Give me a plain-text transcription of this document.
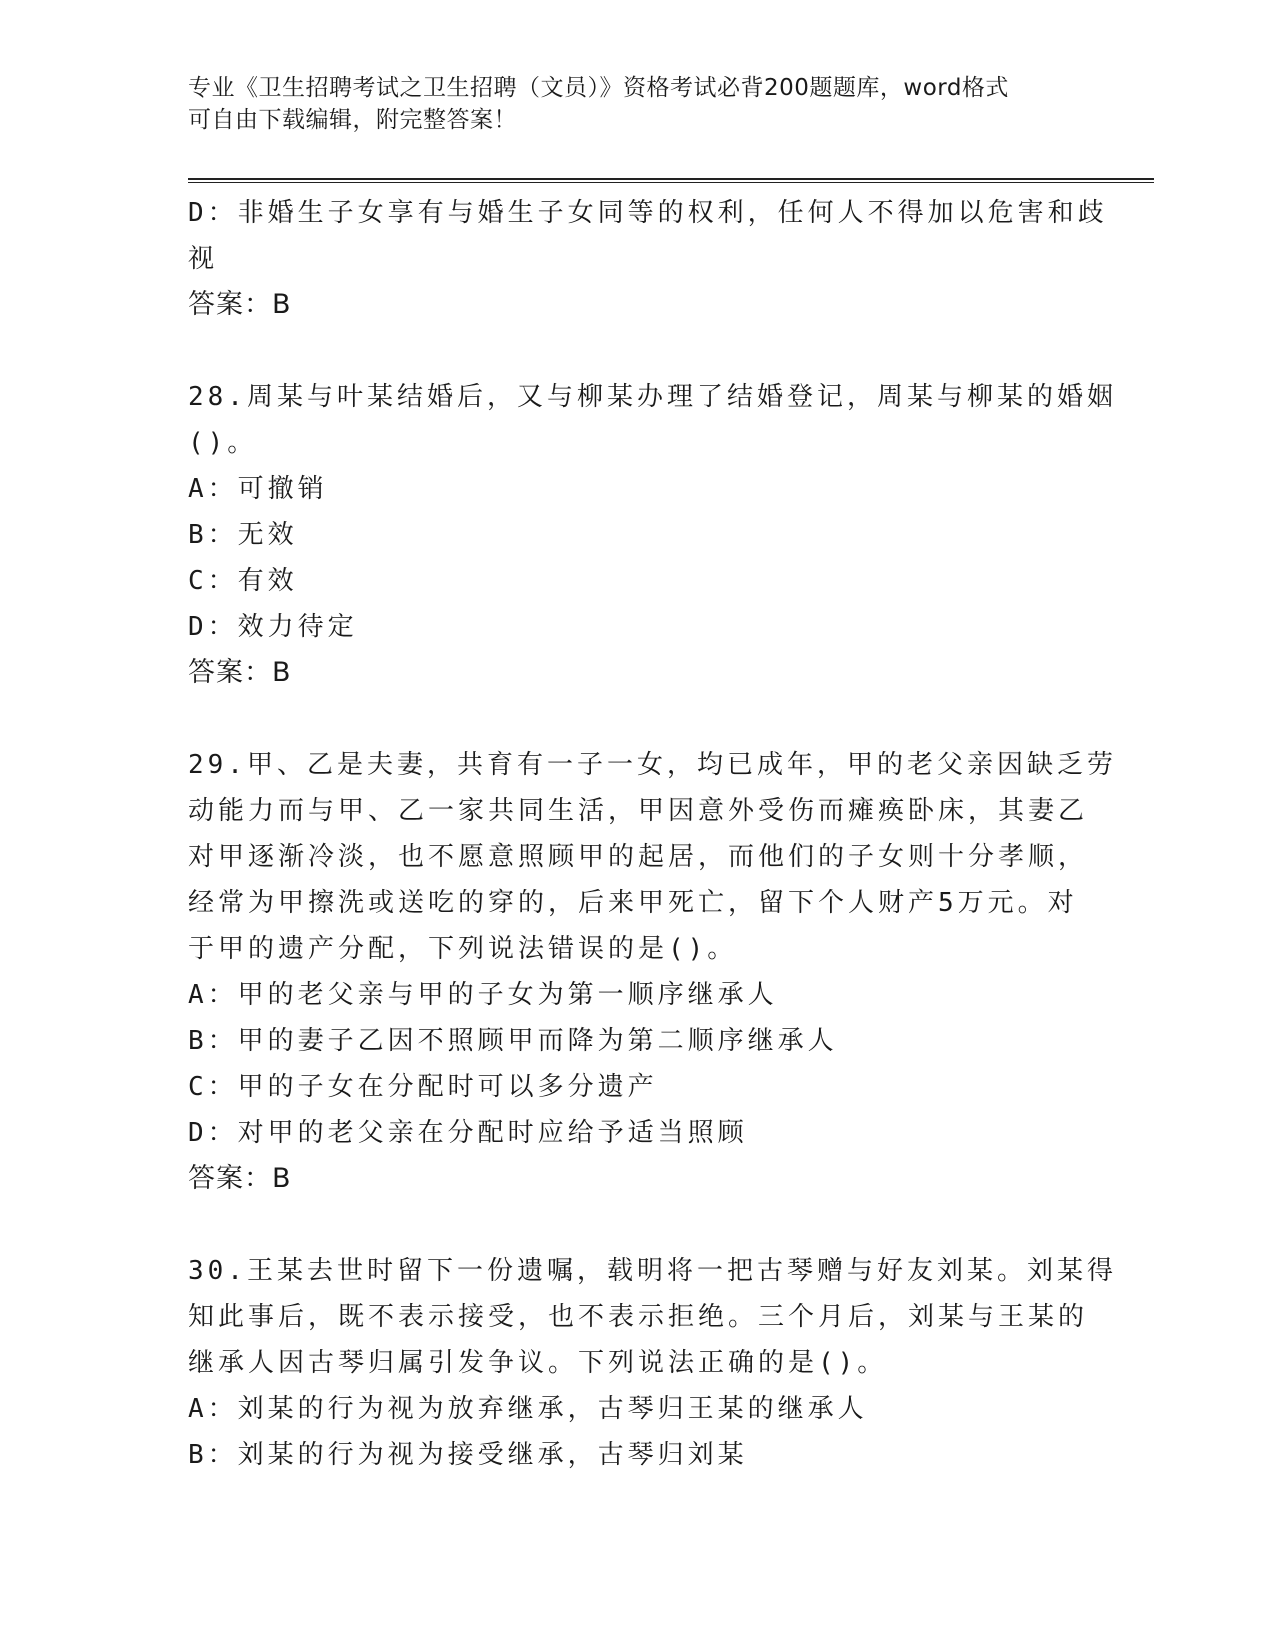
专业《卫生招聘考试之卫生招聘（文员）》资格考试必背200题题库，word格式

可自由下载编辑，附完整答案！

D：非婚生子女享有与婚生子女同等的权利，任何人不得加以危害和歧

视

答案：B

28.周某与叶某结婚后，又与柳某办理了结婚登记，周某与柳某的婚姻

()。

A：可撤销

B：无效

C：有效

D：效力待定

答案：B

29.甲、乙是夫妻，共育有一子一女，均已成年，甲的老父亲因缺乏劳

动能力而与甲、乙一家共同生活，甲因意外受伤而瘫痪卧床，其妻乙

对甲逐渐冷淡，也不愿意照顾甲的起居，而他们的子女则十分孝顺，

经常为甲擦洗或送吃的穿的，后来甲死亡，留下个人财产5万元。对

于甲的遗产分配，下列说法错误的是()。

A：甲的老父亲与甲的子女为第一顺序继承人

B：甲的妻子乙因不照顾甲而降为第二顺序继承人

C：甲的子女在分配时可以多分遗产

D：对甲的老父亲在分配时应给予适当照顾

答案：B

30.王某去世时留下一份遗嘱，载明将一把古琴赠与好友刘某。刘某得

知此事后，既不表示接受，也不表示拒绝。三个月后，刘某与王某的

继承人因古琴归属引发争议。下列说法正确的是()。

A：刘某的行为视为放弃继承，古琴归王某的继承人

B：刘某的行为视为接受继承，古琴归刘某
